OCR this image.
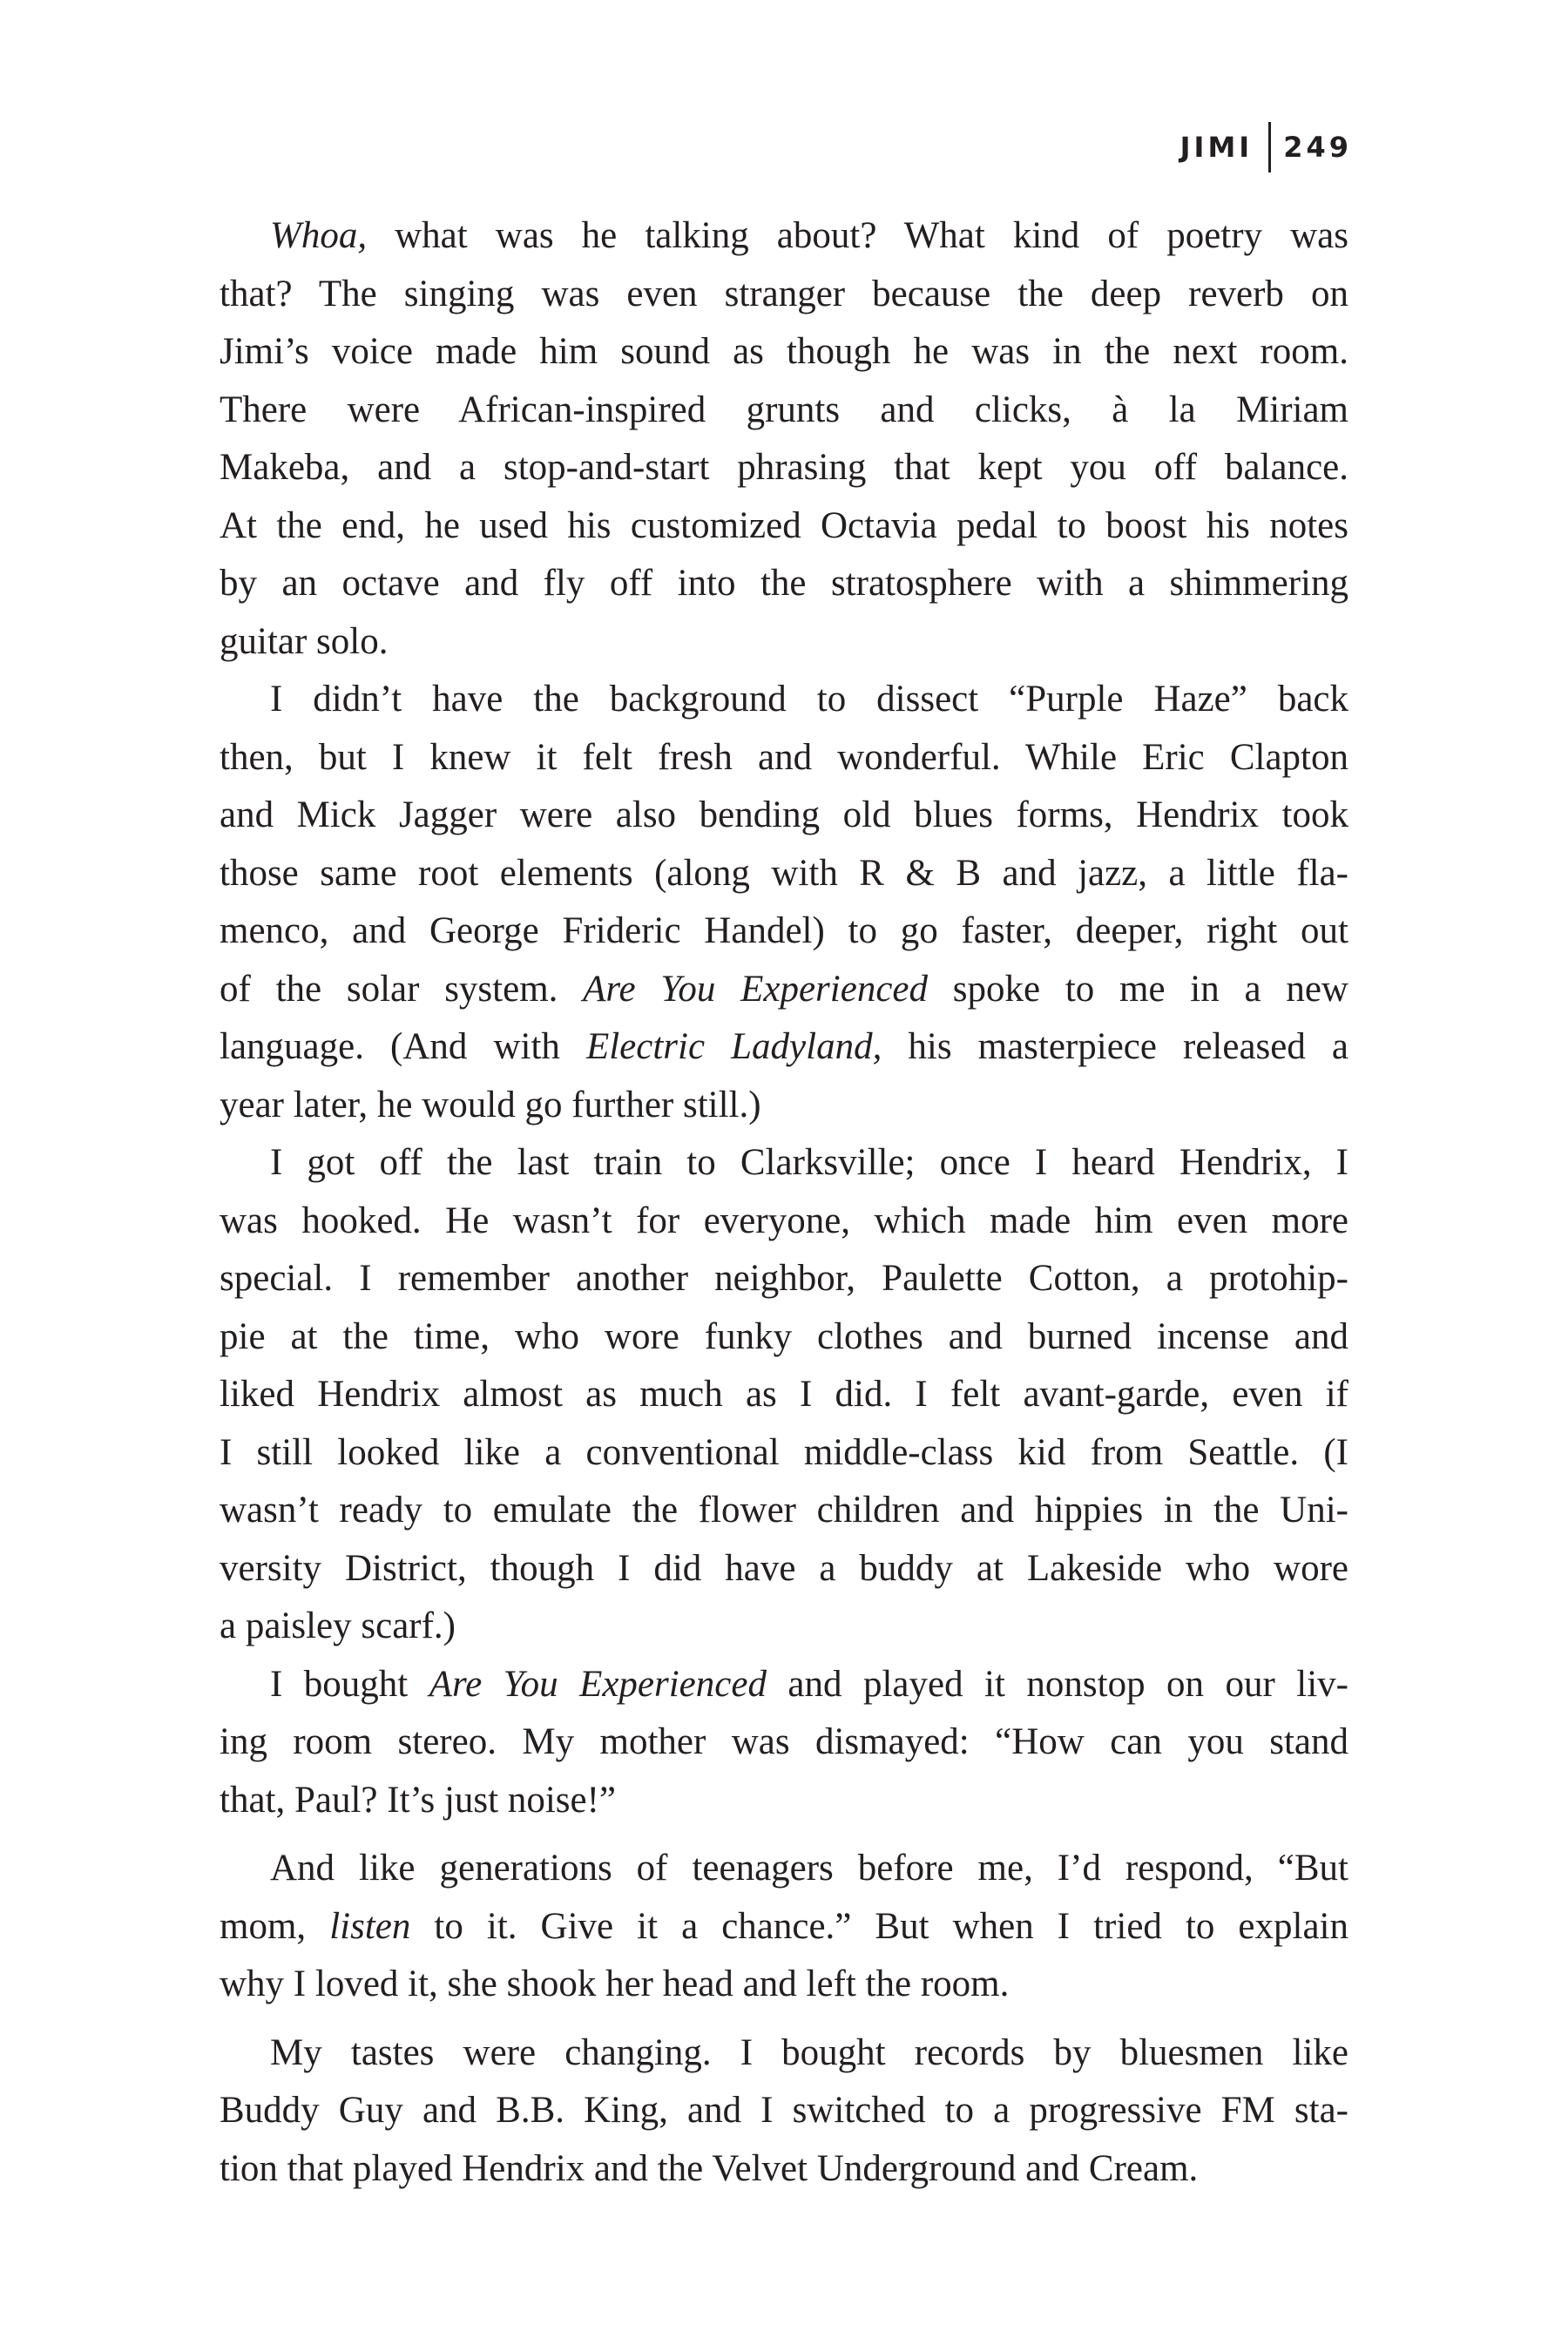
JIMI 249
Whoa, what was he talking about? What kind of poetry was
that? The singing was even stranger because the deep reverb on
Jimi’s voice made him sound as though he was in the next room.
There were African-inspired grunts and clicks, à la Miriam
Makeba, and a stop-and-start phrasing that kept you off balance.
At the end, he used his customized Octavia pedal to boost his notes
by an octave and fly off into the stratosphere with a shimmering
guitar solo.
I didn’t have the background to dissect “Purple Haze” back
then, but I knew it felt fresh and wonderful. While Eric Clapton
and Mick Jagger were also bending old blues forms, Hendrix took
those same root elements (along with R & B and jazz, a little fla-
menco, and George Frideric Handel) to go faster, deeper, right out
of the solar system. Are You Experienced spoke to me in a new
language. (And with Electric Ladyland, his masterpiece released a
year later, he would go further still.)
I got off the last train to Clarksville; once I heard Hendrix, I
was hooked. He wasn’t for everyone, which made him even more
special. I remember another neighbor, Paulette Cotton, a protohip-
pie at the time, who wore funky clothes and burned incense and
liked Hendrix almost as much as I did. I felt avant-garde, even if
I still looked like a conventional middle-class kid from Seattle. (I
wasn’t ready to emulate the flower children and hippies in the Uni-
versity District, though I did have a buddy at Lakeside who wore
a paisley scarf.)
I bought Are You Experienced and played it nonstop on our liv-
ing room stereo. My mother was dismayed: “How can you stand
that, Paul? It’s just noise!”
And like generations of teenagers before me, I’d respond, “But
mom, listen to it. Give it a chance.” But when I tried to explain
why I loved it, she shook her head and left the room.
My tastes were changing. I bought records by bluesmen like
Buddy Guy and B.B. King, and I switched to a progressive FM sta-
tion that played Hendrix and the Velvet Underground and Cream.
